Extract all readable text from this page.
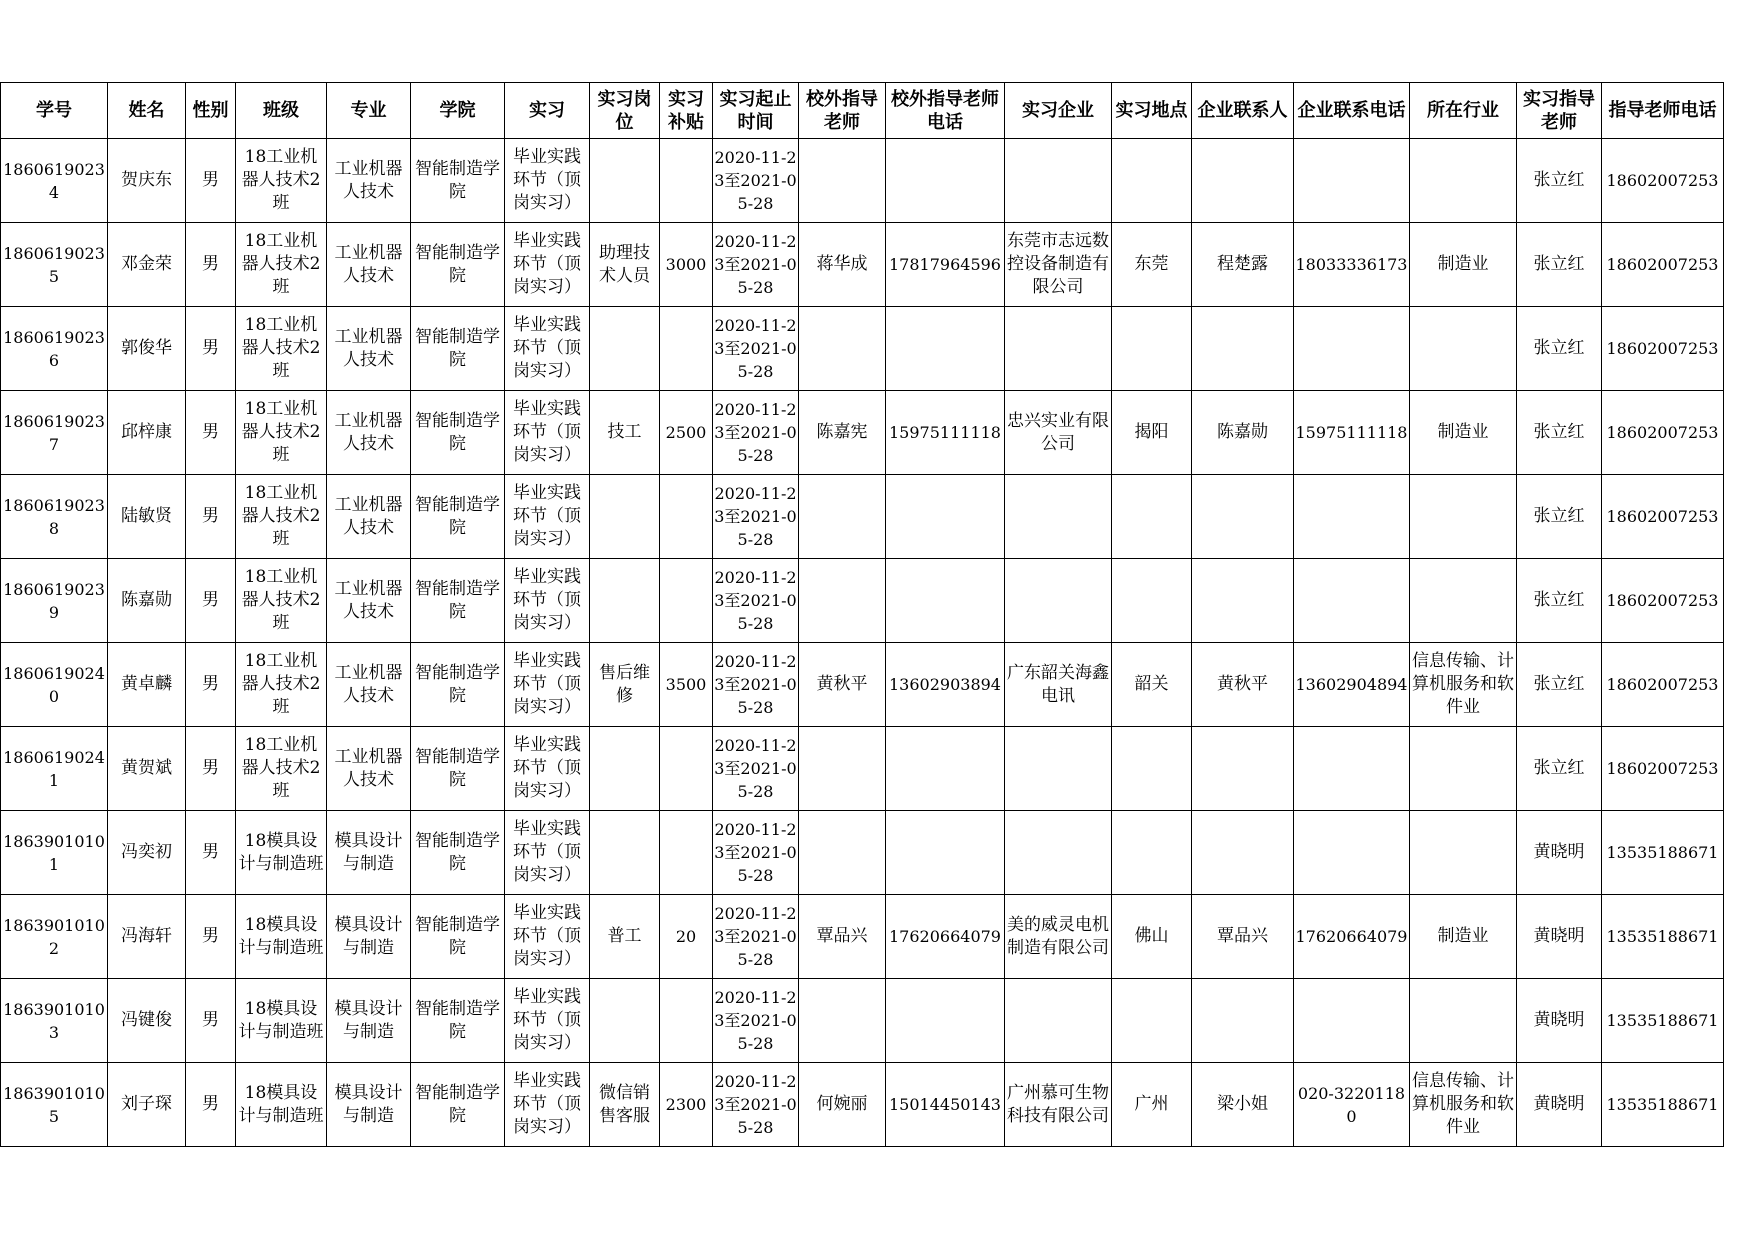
学号	姓名	性别	班级	专业	学院	实习	实习岗位	实习补贴	实习起止时间	校外指导老师	校外指导老师电话	实习企业	实习地点	企业联系人	企业联系电话	所在行业	实习指导老师	指导老师电话

18606190234	贺庆东	男	18工业机器人技术2班	工业机器人技术	智能制造学院	毕业实践环节（顶岗实习）			2020-11-23至2021-05-28								张立红	18602007253

18606190235	邓金荣	男	18工业机器人技术2班	工业机器人技术	智能制造学院	毕业实践环节（顶岗实习）	助理技术人员	3000	2020-11-23至2021-05-28	蒋华成	17817964596	东莞市志远数控设备制造有限公司	东莞	程楚露	18033336173	制造业	张立红	18602007253

18606190236	郭俊华	男	18工业机器人技术2班	工业机器人技术	智能制造学院	毕业实践环节（顶岗实习）			2020-11-23至2021-05-28								张立红	18602007253

18606190237	邱梓康	男	18工业机器人技术2班	工业机器人技术	智能制造学院	毕业实践环节（顶岗实习）	技工	2500	2020-11-23至2021-05-28	陈嘉宪	15975111118	忠兴实业有限公司	揭阳	陈嘉勋	15975111118	制造业	张立红	18602007253

18606190238	陆敏贤	男	18工业机器人技术2班	工业机器人技术	智能制造学院	毕业实践环节（顶岗实习）			2020-11-23至2021-05-28								张立红	18602007253

18606190239	陈嘉勋	男	18工业机器人技术2班	工业机器人技术	智能制造学院	毕业实践环节（顶岗实习）			2020-11-23至2021-05-28								张立红	18602007253

18606190240	黄卓麟	男	18工业机器人技术2班	工业机器人技术	智能制造学院	毕业实践环节（顶岗实习）	售后维修	3500	2020-11-23至2021-05-28	黄秋平	13602903894	广东韶关海鑫电讯	韶关	黄秋平	13602904894	信息传输、计算机服务和软件业	张立红	18602007253

18606190241	黄贺斌	男	18工业机器人技术2班	工业机器人技术	智能制造学院	毕业实践环节（顶岗实习）			2020-11-23至2021-05-28								张立红	18602007253

18639010101	冯奕初	男	18模具设计与制造班	模具设计与制造	智能制造学院	毕业实践环节（顶岗实习）			2020-11-23至2021-05-28								黄晓明	13535188671

18639010102	冯海轩	男	18模具设计与制造班	模具设计与制造	智能制造学院	毕业实践环节（顶岗实习）	普工	20	2020-11-23至2021-05-28	覃品兴	17620664079	美的威灵电机制造有限公司	佛山	覃品兴	17620664079	制造业	黄晓明	13535188671

18639010103	冯键俊	男	18模具设计与制造班	模具设计与制造	智能制造学院	毕业实践环节（顶岗实习）			2020-11-23至2021-05-28								黄晓明	13535188671

18639010105	刘子琛	男	18模具设计与制造班	模具设计与制造	智能制造学院	毕业实践环节（顶岗实习）	微信销售客服	2300	2020-11-23至2021-05-28	何婉丽	15014450143	广州慕可生物科技有限公司	广州	梁小姐	020-32201180	信息传输、计算机服务和软件业	黄晓明	13535188671
